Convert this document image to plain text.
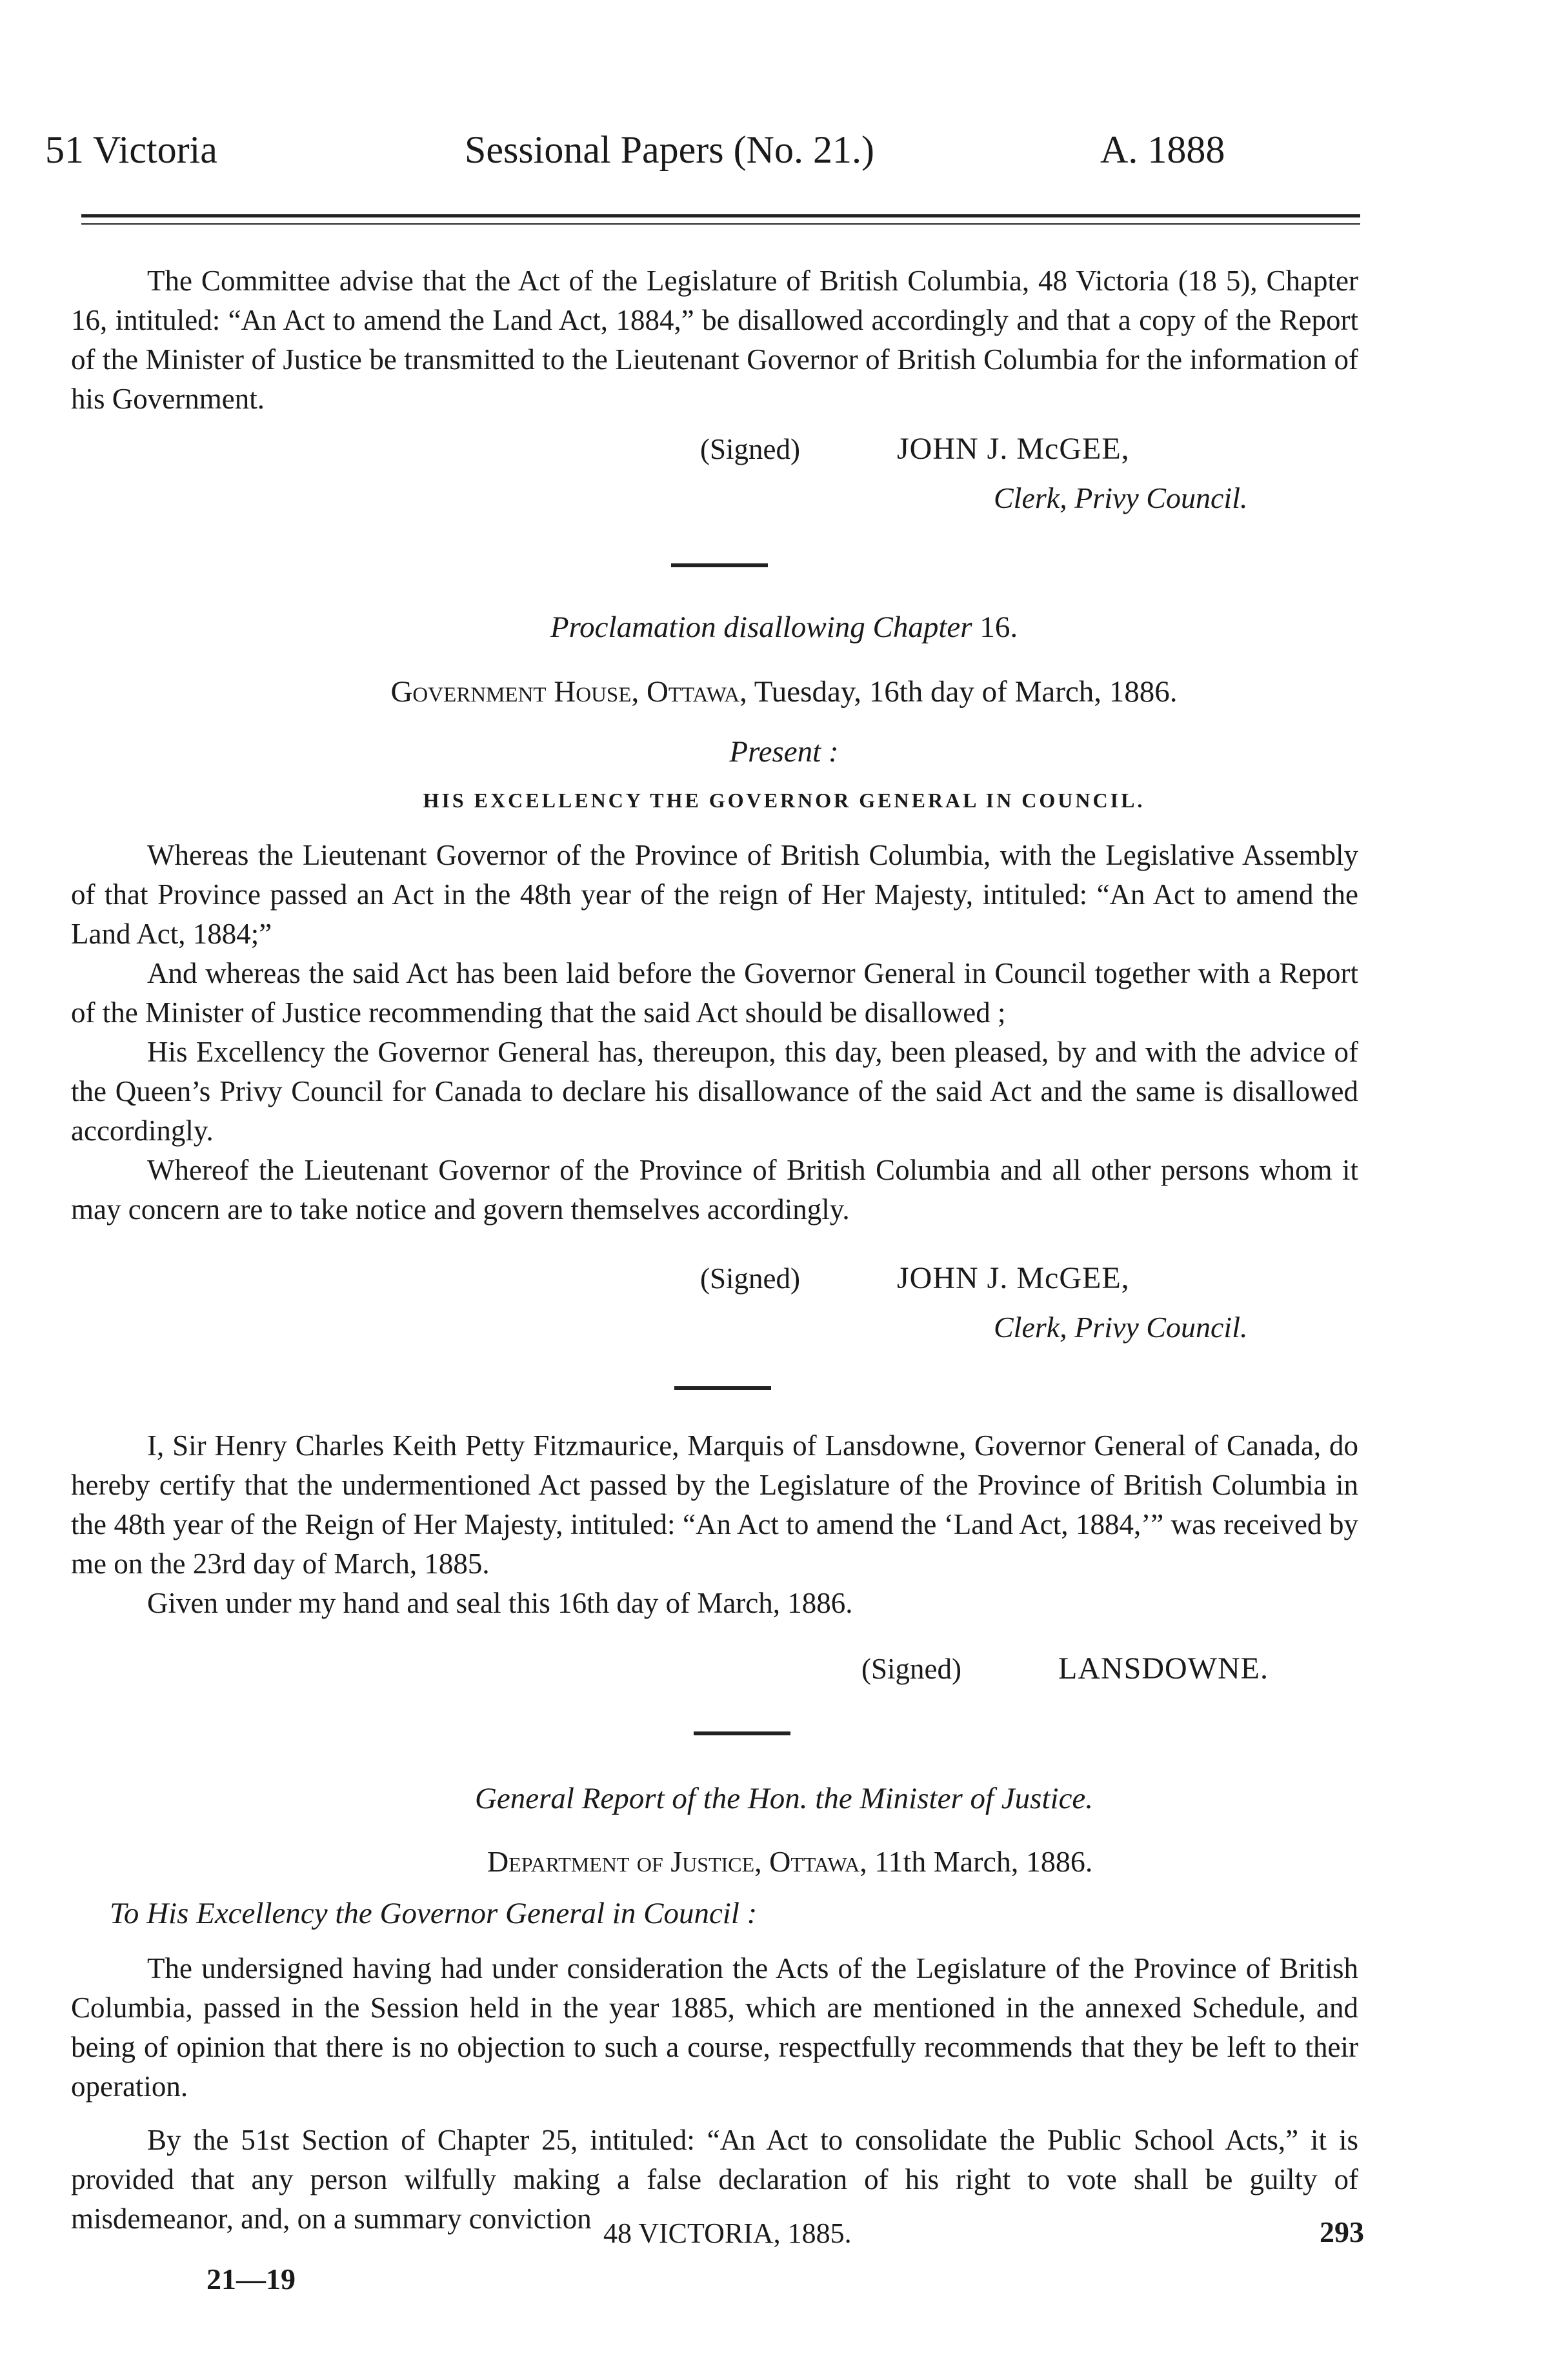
51 Victoria	Sessional Papers (No. 21.)	A. 1888

The Committee advise that the Act of the Legislature of British Columbia, 48 Victoria (18 5), Chapter 16, intituled: “An Act to amend the Land Act, 1884,” be disallowed accordingly and that a copy of the Report of the Minister of Justice be transmitted to the Lieutenant Governor of British Columbia for the information of his Government.

(Signed)	JOHN J. McGEE,
Clerk, Privy Council.
Proclamation disallowing Chapter 16.
Government House, Ottawa, Tuesday, 16th day of March, 1886.
Present :
HIS EXCELLENCY THE GOVERNOR GENERAL IN COUNCIL.

Whereas the Lieutenant Governor of the Province of British Columbia, with the Legislative Assembly of that Province passed an Act in the 48th year of the reign of Her Majesty, intituled: “An Act to amend the Land Act, 1884;”

And whereas the said Act has been laid before the Governor General in Council together with a Report of the Minister of Justice recommending that the said Act should be disallowed ;

His Excellency the Governor General has, thereupon, this day, been pleased, by and with the advice of the Queen’s Privy Council for Canada to declare his disallowance of the said Act and the same is disallowed accordingly.

Whereof the Lieutenant Governor of the Province of British Columbia and all other persons whom it may concern are to take notice and govern themselves accordingly.

(Signed)	JOHN J. McGEE,
Clerk, Privy Council.

I, Sir Henry Charles Keith Petty Fitzmaurice, Marquis of Lansdowne, Governor General of Canada, do hereby certify that the undermentioned Act passed by the Legislature of the Province of British Columbia in the 48th year of the Reign of Her Majesty, intituled: “An Act to amend the ‘Land Act, 1884,’” was received by me on the 23rd day of March, 1885.

Given under my hand and seal this 16th day of March, 1886.

(Signed)	LANSDOWNE.
General Report of the Hon. the Minister of Justice.
Department of Justice, Ottawa, 11th March, 1886.
To His Excellency the Governor General in Council :

The undersigned having had under consideration the Acts of the Legislature of the Province of British Columbia, passed in the Session held in the year 1885, which are mentioned in the annexed Schedule, and being of opinion that there is no objection to such a course, respectfully recommends that they be left to their operation.

By the 51st Section of Chapter 25, intituled: “An Act to consolidate the Public School Acts,” it is provided that any person wilfully making a false declaration of his right to vote shall be guilty of misdemeanor, and, on a summary conviction 48 VICTORIA, 1885.	293
21—19
